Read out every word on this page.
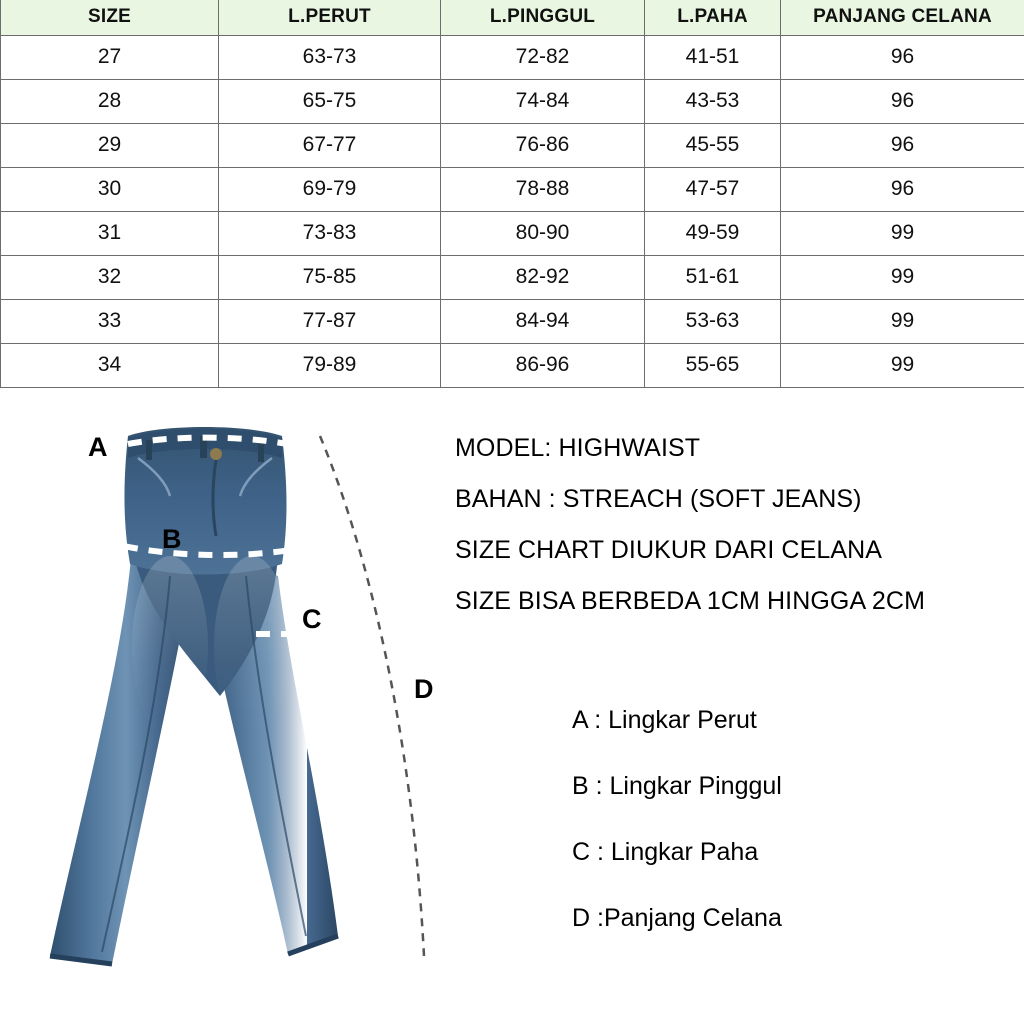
SIZE	L.PERUT	L.PINGGUL	L.PAHA	PANJANG CELANA
27	63-73	72-82	41-51	96
28	65-75	74-84	43-53	96
29	67-77	76-86	45-55	96
30	69-79	78-88	47-57	96
31	73-83	80-90	49-59	99
32	75-85	82-92	51-61	99
33	77-87	84-94	53-63	99
34	79-89	86-96	55-65	99
A
B
C
D
MODEL: HIGHWAIST
BAHAN : STREACH (SOFT JEANS)
SIZE CHART DIUKUR DARI CELANA
SIZE BISA BERBEDA 1CM HINGGA 2CM
A : Lingkar Perut
B : Lingkar Pinggul
C : Lingkar Paha
D :Panjang Celana
